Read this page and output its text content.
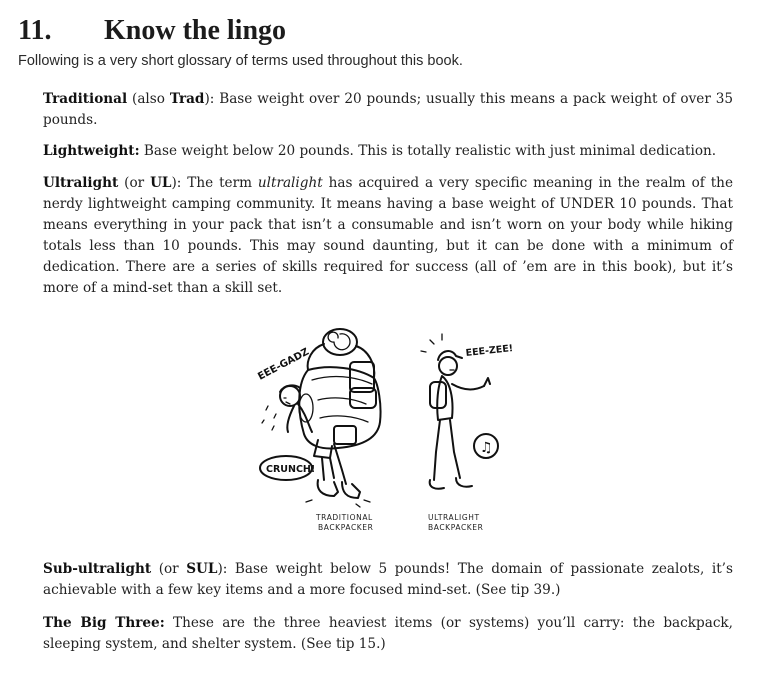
11. Know the lingo

Following is a very short glossary of terms used throughout this book.

Traditional (also Trad): Base weight over 20 pounds; usually this means a pack weight of over 35 pounds.

Lightweight: Base weight below 20 pounds. This is totally realistic with just minimal dedication.

Ultralight (or UL): The term ultralight has acquired a very specific meaning in the realm of the nerdy lightweight camping community. It means having a base weight of UNDER 10 pounds. That means everything in your pack that isn’t a consumable and isn’t worn on your body while hiking totals less than 10 pounds. This may sound daunting, but it can be done with a minimum of dedication. There are a series of skills required for success (all of ’em are in this book), but it’s more of a mind-set than a skill set.

EEE-GADZ
CRUNCH!
EEE-ZEE!
♫
TRADITIONAL
BACKPACKER
ULTRALIGHT
BACKPACKER

Sub-ultralight (or SUL): Base weight below 5 pounds! The domain of passionate zealots, it’s achievable with a few key items and a more focused mind-set. (See tip 39.)

The Big Three: These are the three heaviest items (or systems) you’ll carry: the backpack, sleeping system, and shelter system. (See tip 15.)
